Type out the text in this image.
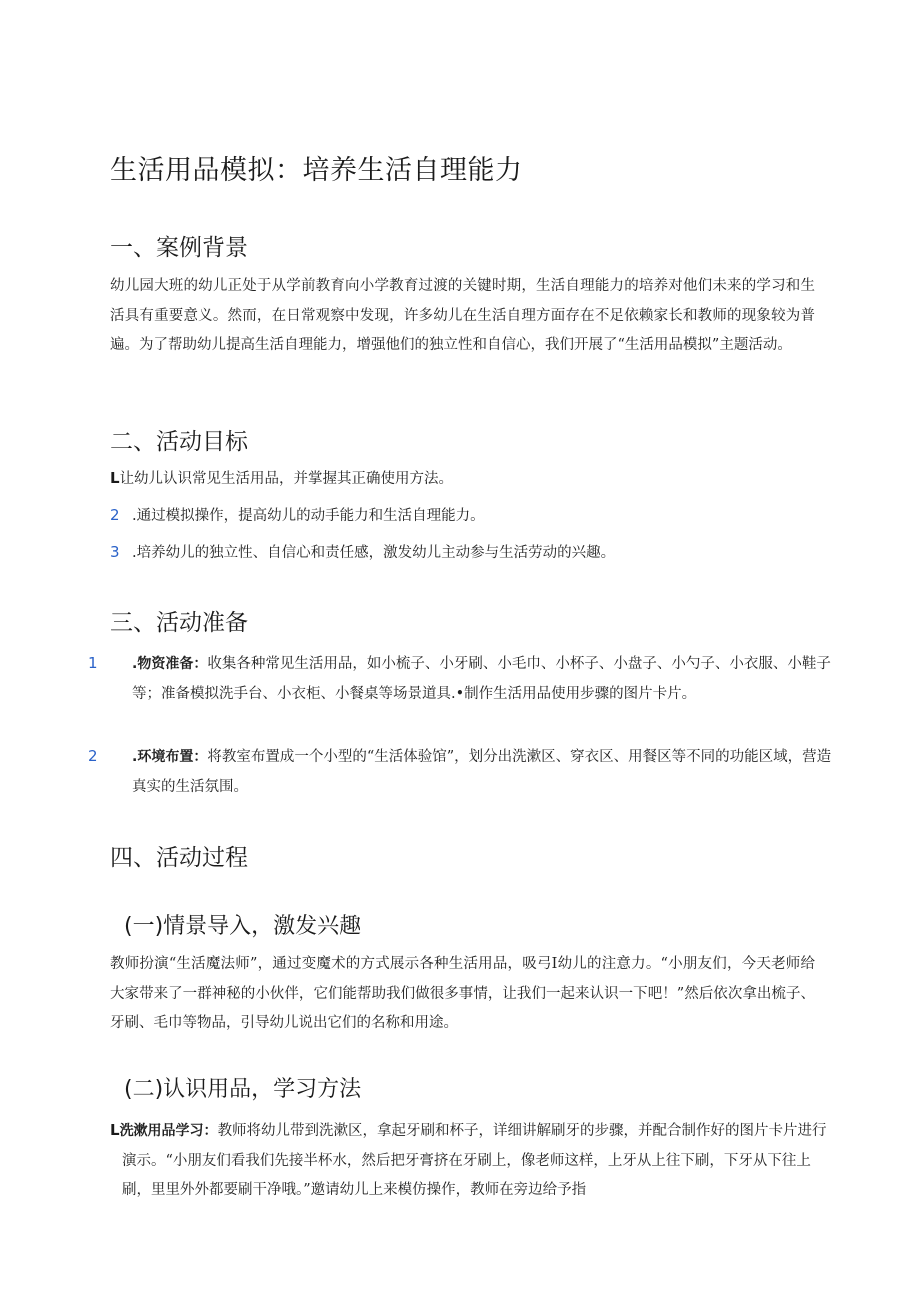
生活用品模拟：培养生活自理能力
一、案例背景

幼儿园大班的幼儿正处于从学前教育向小学教育过渡的关键时期，生活自理能力的培养对他们未来的学习和生活具有重要意义。然而，在日常观察中发现，许多幼儿在生活自理方面存在不足依赖家长和教师的现象较为普遍。为了帮助幼儿提高生活自理能力，增强他们的独立性和自信心，我们开展了“生活用品模拟”主题活动。

二、活动目标
L让幼儿认识常见生活用品，并掌握其正确使用方法。
2 .通过模拟操作，提高幼儿的动手能力和生活自理能力。
3 .培养幼儿的独立性、自信心和责任感，激发幼儿主动参与生活劳动的兴趣。
三、活动准备
1 .物资准备：收集各种常见生活用品，如小梳子、小牙刷、小毛巾、小杯子、小盘子、小勺子、小衣服、小鞋子等；准备模拟洗手台、小衣柜、小餐桌等场景道具.•制作生活用品使用步骤的图片卡片。
2 .环境布置：将教室布置成一个小型的“生活体验馆”，划分出洗漱区、穿衣区、用餐区等不同的功能区域，营造真实的生活氛围。
四、活动过程
(一)情景导入，激发兴趣

教师扮演“生活魔法师”，通过变魔术的方式展示各种生活用品，吸弓I幼儿的注意力。“小朋友们，今天老师给大家带来了一群神秘的小伙伴，它们能帮助我们做很多事情，让我们一起来认识一下吧！”然后依次拿出梳子、牙刷、毛巾等物品，引导幼儿说出它们的名称和用途。

(二)认识用品，学习方法
L洗漱用品学习：教师将幼儿带到洗漱区，拿起牙刷和杯子，详细讲解刷牙的步骤，并配合制作好的图片卡片进行演示。“小朋友们看我们先接半杯水，然后把牙膏挤在牙刷上，像老师这样，上牙从上往下刷，下牙从下往上刷，里里外外都要刷干净哦。”邀请幼儿上来模仿操作，教师在旁边给予指
